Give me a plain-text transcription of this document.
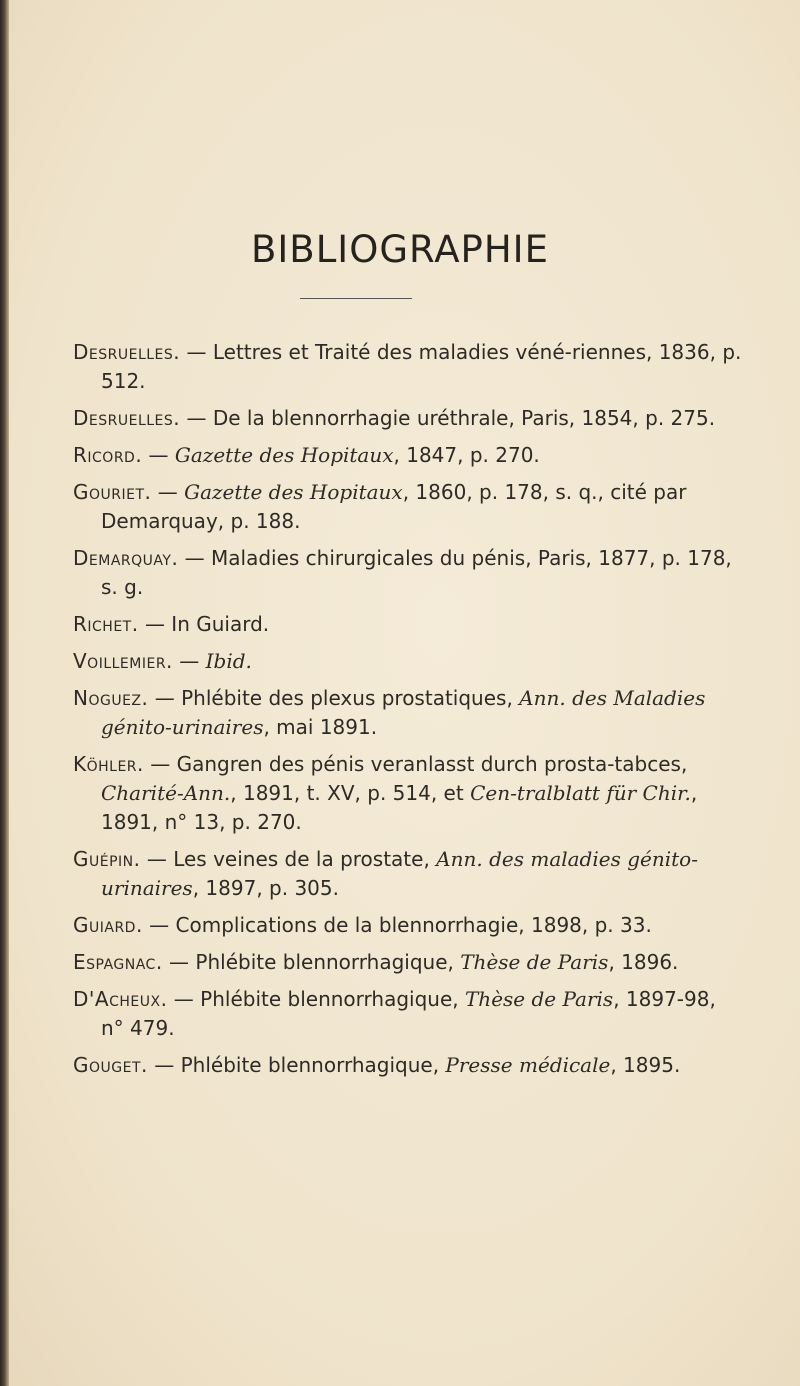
BIBLIOGRAPHIE

Desruelles. — Lettres et Traité des maladies véné-riennes, 1836, p. 512.

Desruelles. — De la blennorrhagie uréthrale, Paris, 1854, p. 275.

Ricord. — Gazette des Hopitaux, 1847, p. 270.

Gouriet. — Gazette des Hopitaux, 1860, p. 178, s. q., cité par Demarquay, p. 188.

Demarquay. — Maladies chirurgicales du pénis, Paris, 1877, p. 178, s. g.

Richet. — In Guiard.

Voillemier. — Ibid.

Noguez. — Phlébite des plexus prostatiques, Ann. des Maladies génito-urinaires, mai 1891.

Köhler. — Gangren des pénis veranlasst durch prosta-tabces, Charité-Ann., 1891, t. XV, p. 514, et Cen-tralblatt für Chir., 1891, n° 13, p. 270.

Guépin. — Les veines de la prostate, Ann. des maladies génito-urinaires, 1897, p. 305.

Guiard. — Complications de la blennorrhagie, 1898, p. 33.

Espagnac. — Phlébite blennorrhagique, Thèse de Paris, 1896.

D'Acheux. — Phlébite blennorrhagique, Thèse de Paris, 1897-98, n° 479.

Gouget. — Phlébite blennorrhagique, Presse médicale, 1895.
